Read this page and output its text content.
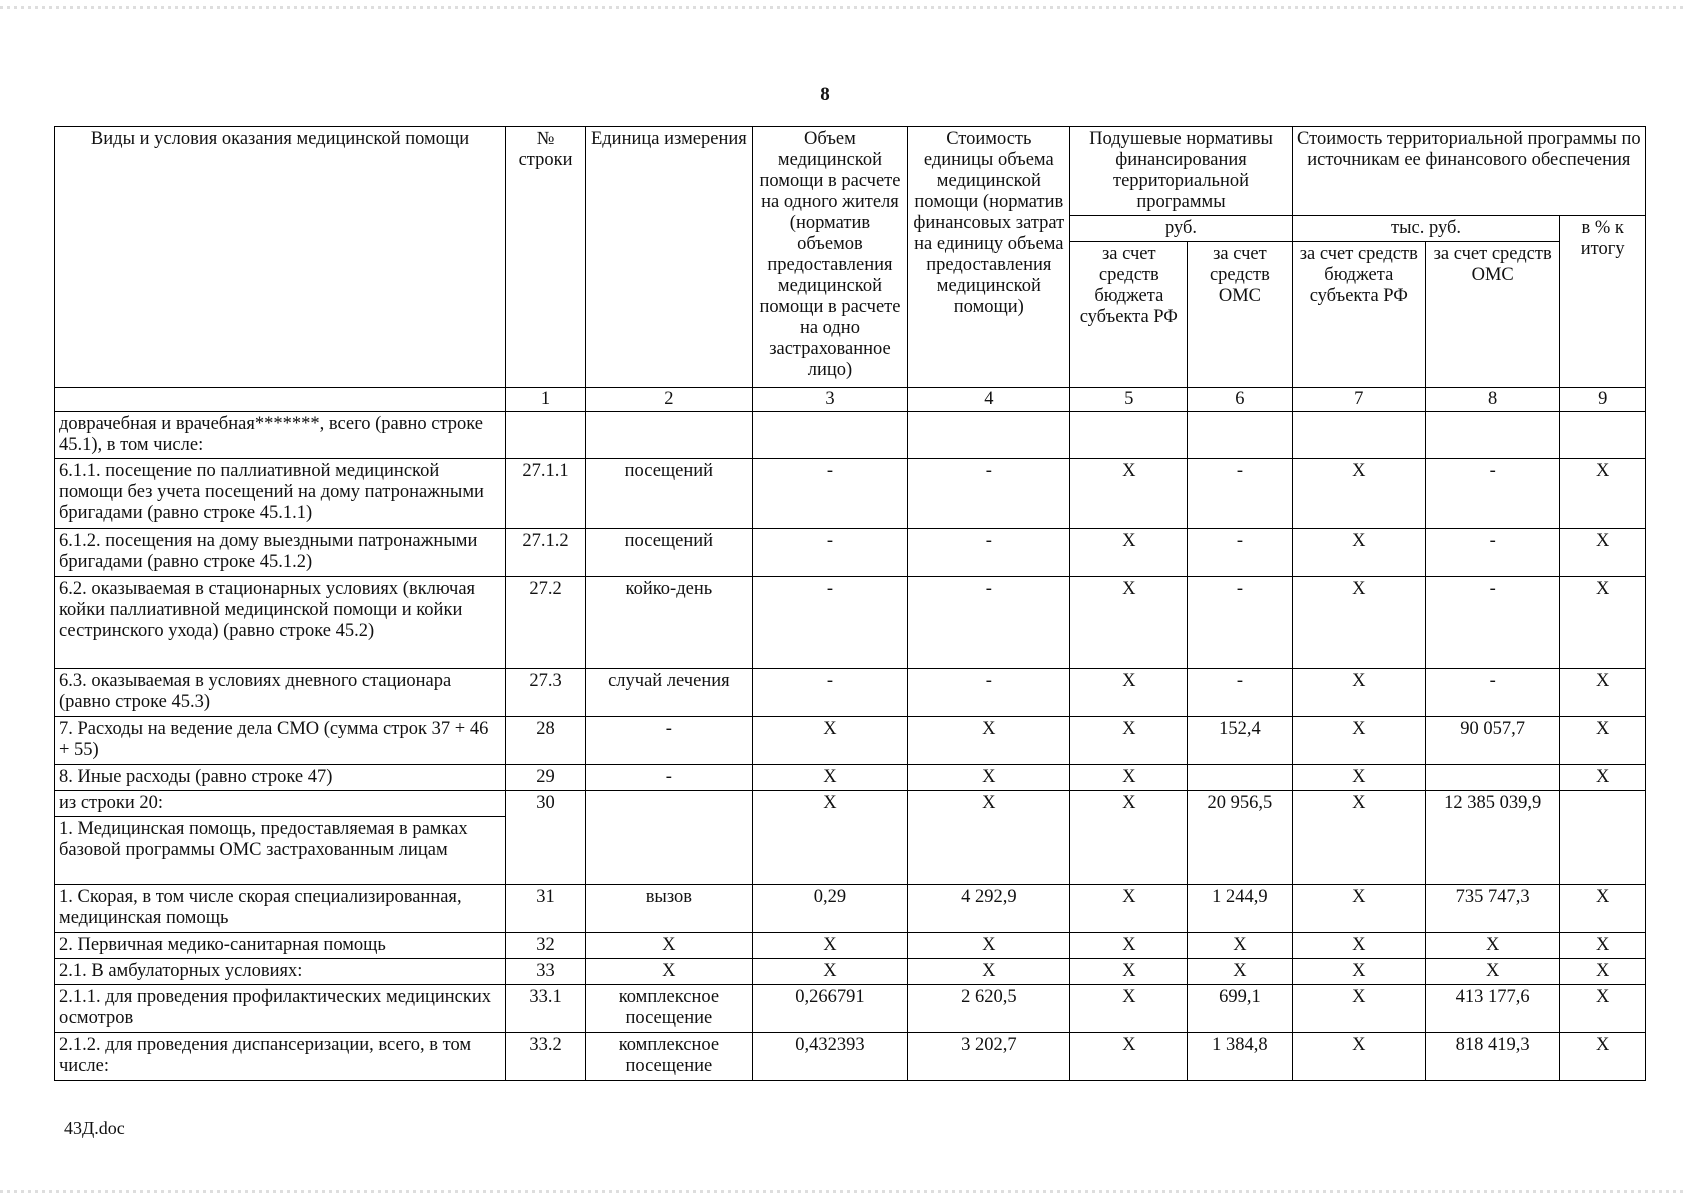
8
Виды и условия оказания медицинской помощи	№ строки	Единица измерения	Объем медицинской помощи в расчете на одного жителя (норматив объемов предоставления медицинской помощи в расчете на одно застрахованное лицо)	Стоимость единицы объема медицинской помощи (норматив финансовых затрат на единицу объема предоставления медицинской помощи)	Подушевые нормативы финансирования территориальной программы		Стоимость территориальной программы по источникам ее финансового обеспечения		
					руб.		тыс. руб.		в % к итогу
					за счет средств бюджета субъекта РФ	за счет средств ОМС	за счет средств бюджета субъекта РФ	за счет средств ОМС	
	1	2	3	4	5	6	7	8	9
доврачебная и врачебная*******, всего (равно строке 45.1), в том числе:									
6.1.1. посещение по паллиативной медицинской помощи без учета посещений на дому патронажными бригадами (равно строке 45.1.1)	27.1.1	посещений	-	-	X	-	X	-	X
6.1.2. посещения на дому выездными патронажными бригадами (равно строке 45.1.2)	27.1.2	посещений	-	-	X	-	X	-	X
6.2. оказываемая в стационарных условиях (включая койки паллиативной медицинской помощи и койки сестринского ухода) (равно строке 45.2)	27.2	койко-день	-	-	X	-	X	-	X
6.3. оказываемая в условиях дневного стационара (равно строке 45.3)	27.3	случай лечения	-	-	X	-	X	-	X
7. Расходы на ведение дела СМО (сумма строк 37 + 46 + 55)	28	-	X	X	X	152,4	X	90 057,7	X
8. Иные расходы (равно строке 47)	29	-	X	X	X		X		X
из строки 20:	30		X	X	X	20 956,5	X	12 385 039,9	
1. Медицинская помощь, предоставляемая в рамках базовой программы ОМС застрахованным лицам									
1. Скорая, в том числе скорая специализированная, медицинская помощь	31	вызов	0,29	4 292,9	X	1 244,9	X	735 747,3	X
2. Первичная медико-санитарная помощь	32	X	X	X	X	X	X	X	X
2.1. В амбулаторных условиях:	33	X	X	X	X	X	X	X	X
2.1.1. для проведения профилактических медицинских осмотров	33.1	комплексное посещение	0,266791	2 620,5	X	699,1	X	413 177,6	X
2.1.2. для проведения диспансеризации, всего, в том числе:	33.2	комплексное посещение	0,432393	3 202,7	X	1 384,8	X	818 419,3	X
43Д.doc
